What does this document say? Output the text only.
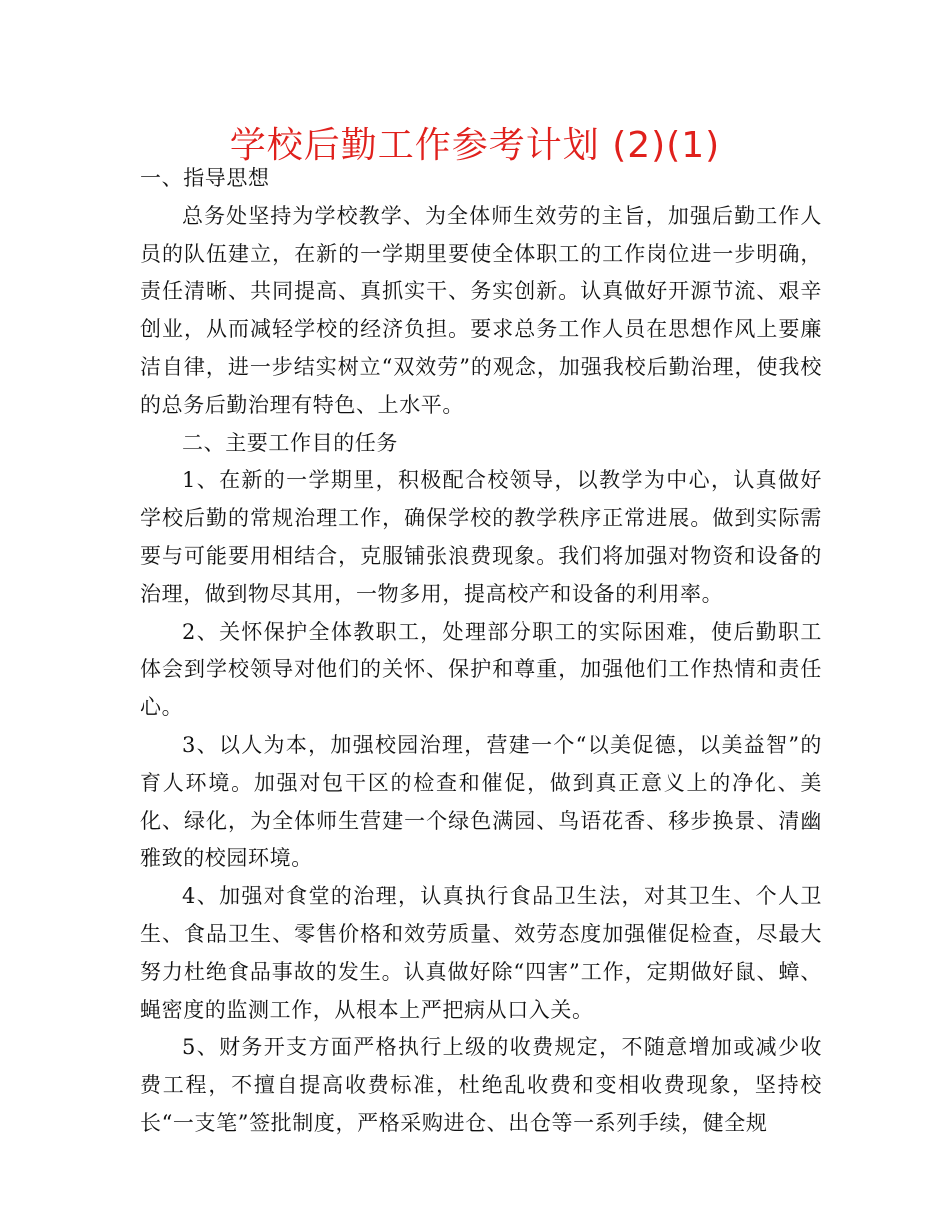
学校后勤工作参考计划 (2)(1)

一、指导思想

总务处坚持为学校教学、为全体师生效劳的主旨，加强后勤工作人员的队伍建立，在新的一学期里要使全体职工的工作岗位进一步明确，责任清晰、共同提高、真抓实干、务实创新。认真做好开源节流、艰辛创业，从而减轻学校的经济负担。要求总务工作人员在思想作风上要廉洁自律，进一步结实树立“双效劳”的观念，加强我校后勤治理，使我校的总务后勤治理有特色、上水平。

二、主要工作目的任务

1、在新的一学期里，积极配合校领导，以教学为中心，认真做好学校后勤的常规治理工作，确保学校的教学秩序正常进展。做到实际需要与可能要用相结合，克服铺张浪费现象。我们将加强对物资和设备的治理，做到物尽其用，一物多用，提高校产和设备的利用率。

2、关怀保护全体教职工，处理部分职工的实际困难，使后勤职工体会到学校领导对他们的关怀、保护和尊重，加强他们工作热情和责任心。

3、以人为本，加强校园治理，营建一个“以美促德，以美益智”的育人环境。加强对包干区的检查和催促，做到真正意义上的净化、美化、绿化，为全体师生营建一个绿色满园、鸟语花香、移步换景、清幽雅致的校园环境。

4、加强对食堂的治理，认真执行食品卫生法，对其卫生、个人卫生、食品卫生、零售价格和效劳质量、效劳态度加强催促检查，尽最大努力杜绝食品事故的发生。认真做好除“四害”工作，定期做好鼠、蟑、蝇密度的监测工作，从根本上严把病从口入关。

5、财务开支方面严格执行上级的收费规定，不随意增加或减少收费工程，不擅自提高收费标准，杜绝乱收费和变相收费现象，坚持校长“一支笔”签批制度，严格采购进仓、出仓等一系列手续，健全规
